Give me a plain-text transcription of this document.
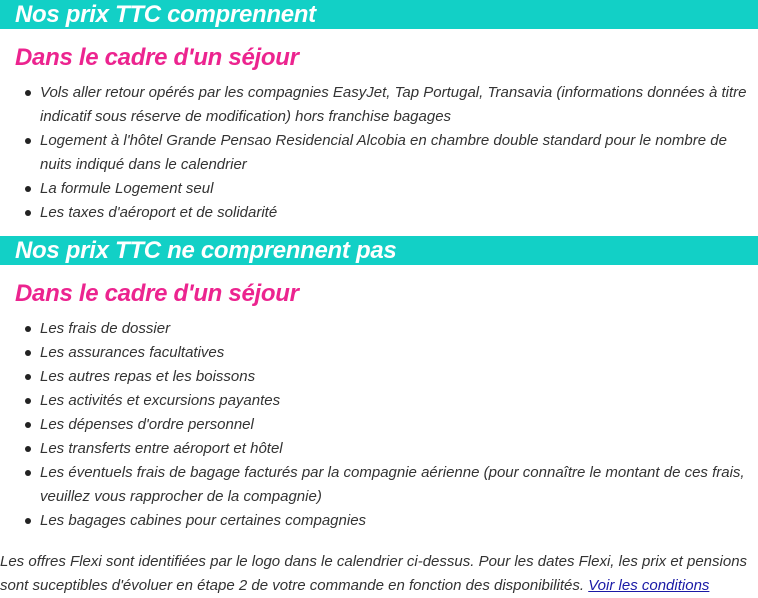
Nos prix TTC comprennent
Dans le cadre d'un séjour
Vols aller retour opérés par les compagnies EasyJet, Tap Portugal, Transavia (informations données à titre indicatif sous réserve de modification) hors franchise bagages
Logement à l'hôtel Grande Pensao Residencial Alcobia en chambre double standard pour le nombre de nuits indiqué dans le calendrier
La formule Logement seul
Les taxes d'aéroport et de solidarité
Nos prix TTC ne comprennent pas
Dans le cadre d'un séjour
Les frais de dossier
Les assurances facultatives
Les autres repas et les boissons
Les activités et excursions payantes
Les dépenses d'ordre personnel
Les transferts entre aéroport et hôtel
Les éventuels frais de bagage facturés par la compagnie aérienne (pour connaître le montant de ces frais, veuillez vous rapprocher de la compagnie)
Les bagages cabines pour certaines compagnies
Les offres Flexi sont identifiées par le logo dans le calendrier ci-dessus. Pour les dates Flexi, les prix et pensions sont suceptibles d'évoluer en étape 2 de votre commande en fonction des disponibilités. Voir les conditions
